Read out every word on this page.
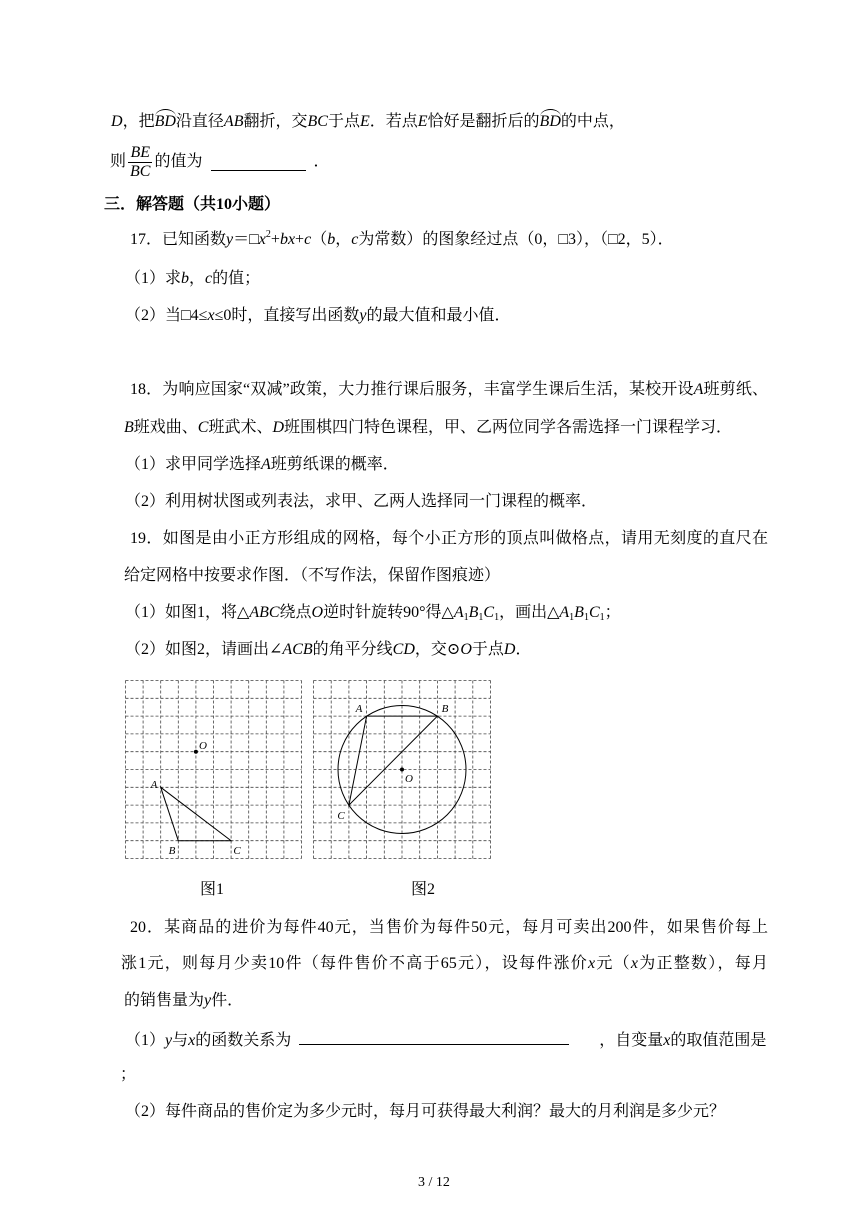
D，把BD沿直径AB翻折，交BC于点E．若点E恰好是翻折后的BD的中点，
则 $\frac{BE}{BC}$ 的值为	．
三．解答题（共10小题）
17．已知函数$y=□x^2+bx+c(b$，c为常数）的图象经过点（0，□3），（□2，5）．
（1）求b，c的值；
（2）当□4≤x≤0时，直接写出函数y的最大值和最小值．
18．为响应国家“双减”政策，大力推行课后服务，丰富学生课后生活，某校开设A班剪纸、
B班戏曲、C班武术、D班围棋四门特色课程，甲、乙两位同学各需选择一门课程学习．
（1）求甲同学选择A班剪纸课的概率．
（2）利用树状图或列表法，求甲、乙两人选择同一门课程的概率．
19．如图是由小正方形组成的网格，每个小正方形的顶点叫做格点，请用无刻度的直尺在
给定网格中按要求作图．（不写作法，保留作图痕迹）
（1）如图1，将△ABC绕点O逆时针旋转90°得$\triangle A_1B_1C_1$，画出$\triangle A_1B_1C_1$；
（2）如图2，请画出∠ACB的角平分线CD，交⊙O于点D．
A
B	C
O
A	B
C
O
图1	图2
20．某商品的进价为每件40元，当售价为每件50元，每月可卖出200件，如果售价每上
涨1元，则每月少卖10件（每件售价不高于65元），设每件涨价x元（x为正整数），每月
的销售量为y件．
（1）y与x的函数关系为	，自变量x的取值范围是
；
（2）每件商品的售价定为多少元时，每月可获得最大利润？最大的月利润是多少元？
3 / 12
